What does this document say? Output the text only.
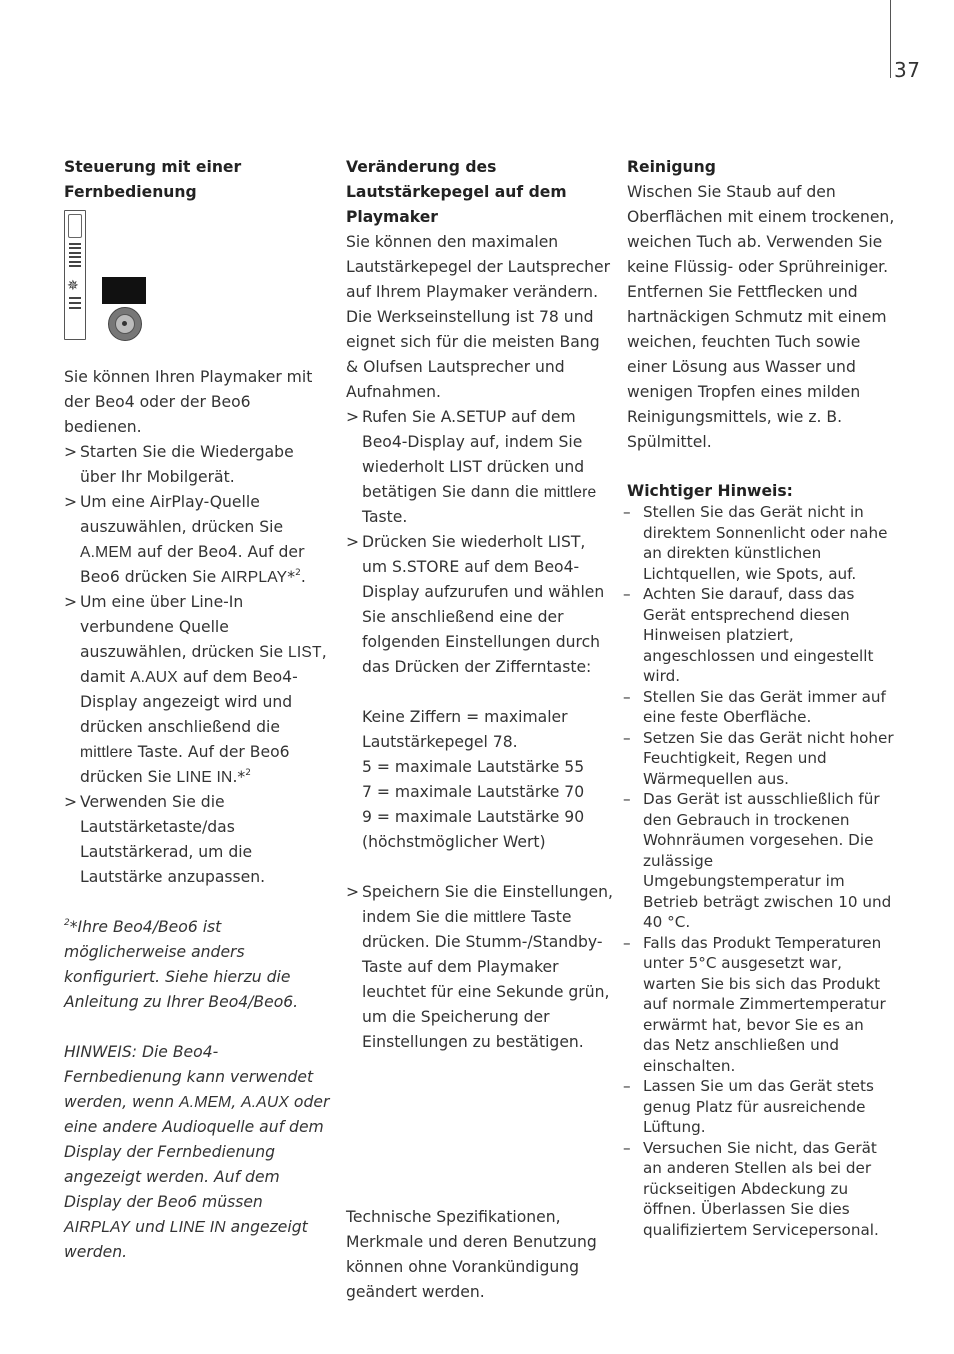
37
Steuerung mit einer Fernbedienung
✵

Sie können Ihren Playmaker mit der Beo4 oder der Beo6 bedienen.

> Starten Sie die Wiedergabe über Ihr Mobilgerät.
> Um eine AirPlay-Quelle auszuwählen, drücken Sie A.MEM auf der Beo4. Auf der Beo6 drücken Sie AIRPLAY*$^2$.
> Um eine über Line-In verbundene Quelle auszuwählen, drücken Sie LIST, damit A.AUX auf dem Beo4-Display angezeigt wird und drücken anschließend die mittlere Taste. Auf der Beo6 drücken Sie LINE IN.*$^2$
> Verwenden Sie die Lautstärketaste/das Lautstärkerad, um die Lautstärke anzupassen.

$^2$*Ihre Beo4/Beo6 ist möglicherweise anders konfiguriert. Siehe hierzu die Anleitung zu Ihrer Beo4/Beo6.

HINWEIS: Die Beo4-Fernbedienung kann verwendet werden, wenn A.MEM, A.AUX oder eine andere Audioquelle auf dem Display der Fernbedienung angezeigt werden. Auf dem Display der Beo6 müssen AIRPLAY und LINE IN angezeigt werden.

Veränderung des Lautstärkepegel auf dem Playmaker

Sie können den maximalen Lautstärkepegel der Lautsprecher auf Ihrem Playmaker verändern. Die Werkseinstellung ist 78 und eignet sich für die meisten Bang & Olufsen Lautsprecher und Aufnahmen.

> Rufen Sie A.SETUP auf dem Beo4-Display auf, indem Sie wiederholt LIST drücken und betätigen Sie dann die mittlere Taste.
> Drücken Sie wiederholt LIST, um S.STORE auf dem Beo4-Display aufzurufen und wählen Sie anschließend eine der folgenden Einstellungen durch das Drücken der Zifferntaste:

Keine Ziffern = maximaler Lautstärkepegel 78.

5 = maximale Lautstärke 55

7 = maximale Lautstärke 70

9 = maximale Lautstärke 90 (höchstmöglicher Wert)

> Speichern Sie die Einstellungen, indem Sie die mittlere Taste drücken. Die Stumm-/Standby-Taste auf dem Playmaker leuchtet für eine Sekunde grün, um die Speicherung der Einstellungen zu bestätigen.

Technische Spezifikationen, Merkmale und deren Benutzung können ohne Vorankündigung geändert werden.

Reinigung

Wischen Sie Staub auf den Oberflächen mit einem trockenen, weichen Tuch ab. Verwenden Sie keine Flüssig- oder Sprühreiniger. Entfernen Sie Fettflecken und hartnäckigen Schmutz mit einem weichen, feuchten Tuch sowie einer Lösung aus Wasser und wenigen Tropfen eines milden Reinigungsmittels, wie z. B. Spülmittel.

Wichtiger Hinweis:
– Stellen Sie das Gerät nicht in direktem Sonnenlicht oder nahe an direkten künstlichen Lichtquellen, wie Spots, auf.
– Achten Sie darauf, dass das Gerät entsprechend diesen Hinweisen platziert, angeschlossen und eingestellt wird.
– Stellen Sie das Gerät immer auf eine feste Oberfläche.
– Setzen Sie das Gerät nicht hoher Feuchtigkeit, Regen und Wärmequellen aus.
– Das Gerät ist ausschließlich für den Gebrauch in trockenen Wohnräumen vorgesehen. Die zulässige Umgebungstemperatur im Betrieb beträgt zwischen 10 und 40 °C.
– Falls das Produkt Temperaturen unter 5°C ausgesetzt war, warten Sie bis sich das Produkt auf normale Zimmertemperatur erwärmt hat, bevor Sie es an das Netz anschließen und einschalten.
– Lassen Sie um das Gerät stets genug Platz für ausreichende Lüftung.
– Versuchen Sie nicht, das Gerät an anderen Stellen als bei der rückseitigen Abdeckung zu öffnen. Überlassen Sie dies qualifiziertem Servicepersonal.
